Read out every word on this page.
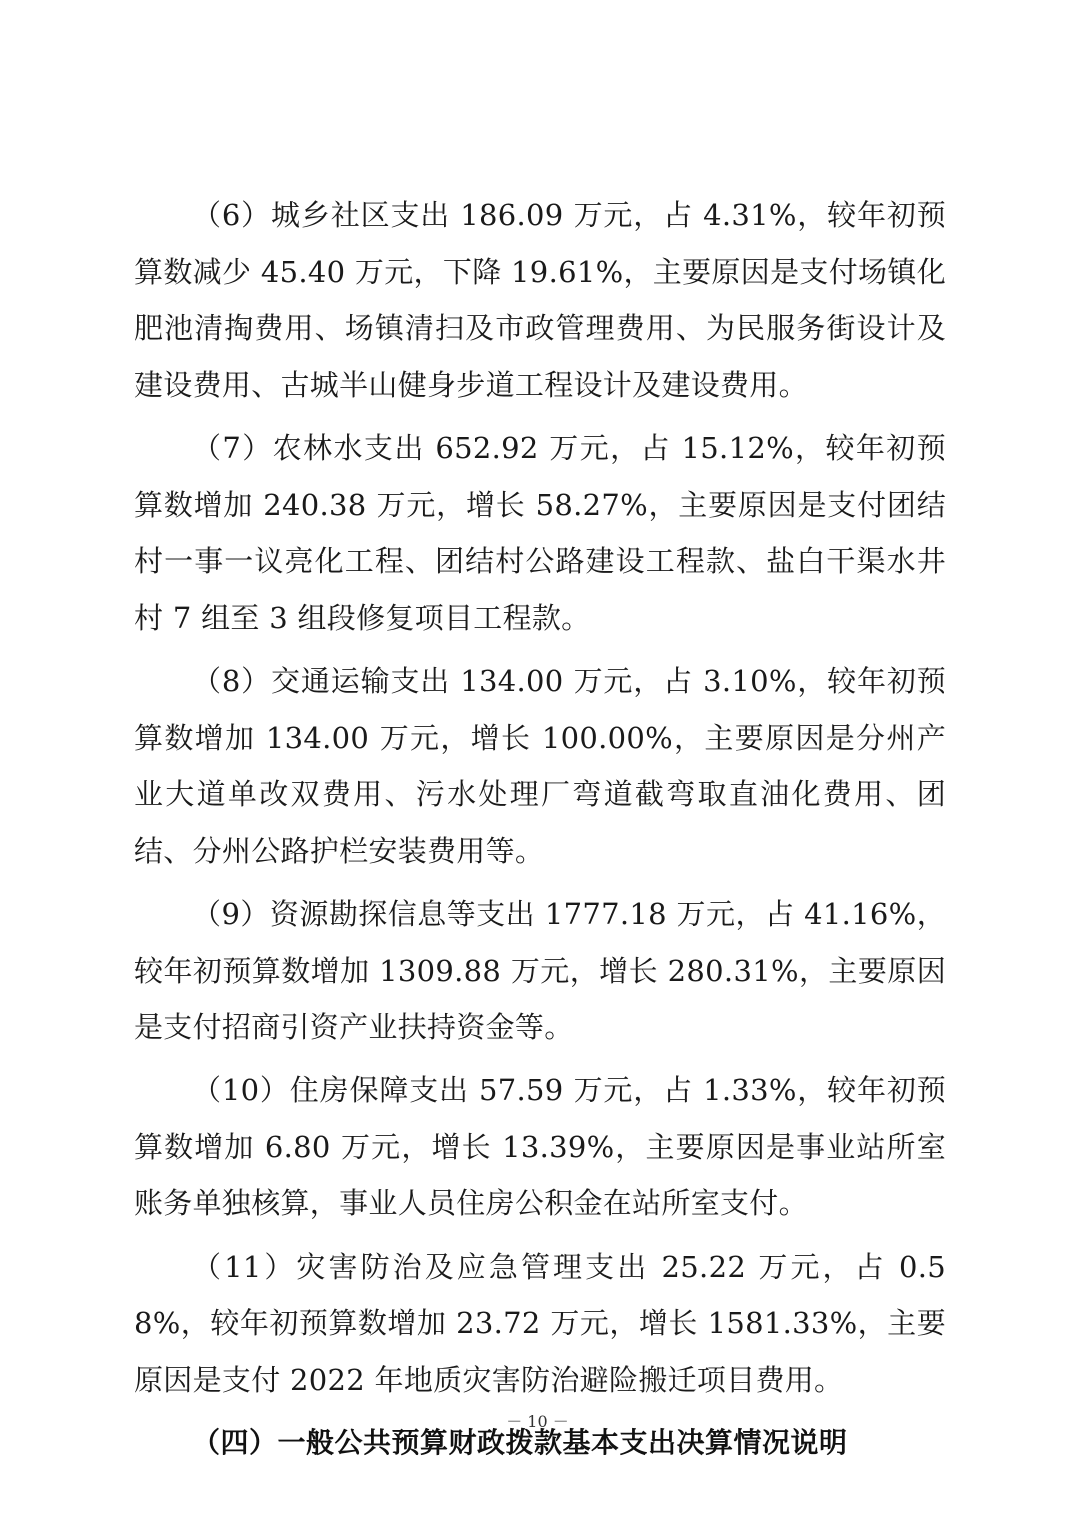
（6）城乡社区支出 186.09 万元，占 4.31%，较年初预算数减少 45.40 万元，下降 19.61%，主要原因是支付场镇化肥池清掏费用、场镇清扫及市政管理费用、为民服务街设计及建设费用、古城半山健身步道工程设计及建设费用。

（7）农林水支出 652.92 万元，占 15.12%，较年初预算数增加 240.38 万元，增长 58.27%，主要原因是支付团结村一事一议亮化工程、团结村公路建设工程款、盐白干渠水井村 7 组至 3 组段修复项目工程款。

（8）交通运输支出 134.00 万元，占 3.10%，较年初预算数增加 134.00 万元，增长 100.00%，主要原因是分州产业大道单改双费用、污水处理厂弯道截弯取直油化费用、团结、分州公路护栏安装费用等。

（9）资源勘探信息等支出 1777.18 万元，占 41.16%，较年初预算数增加 1309.88 万元，增长 280.31%，主要原因是支付招商引资产业扶持资金等。

（10）住房保障支出 57.59 万元，占 1.33%，较年初预算数增加 6.80 万元，增长 13.39%，主要原因是事业站所室账务单独核算，事业人员住房公积金在站所室支付。

（11）灾害防治及应急管理支出 25.22 万元，占 0.58%，较年初预算数增加 23.72 万元，增长 1581.33%，主要原因是支付 2022 年地质灾害防治避险搬迁项目费用。

（四）一般公共预算财政拨款基本支出决算情况说明
－ 10 －
